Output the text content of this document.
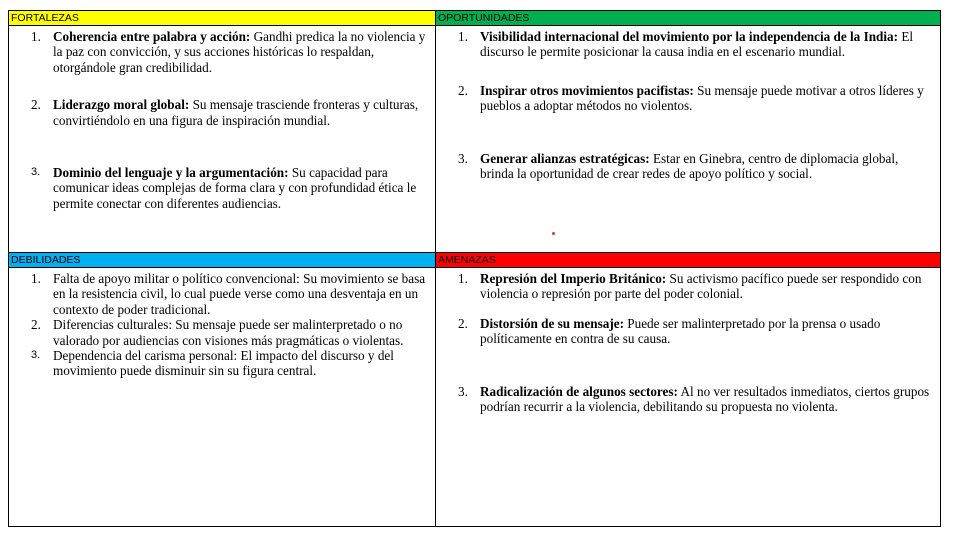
FORTALEZAS	OPORTUNIDADES
DEBILIDADES	AMENAZAS
1. Coherencia entre palabra y acción: Gandhi predica la no violencia y la paz con convicción, y sus acciones históricas lo respaldan, otorgándole gran credibilidad.
2. Liderazgo moral global: Su mensaje trasciende fronteras y culturas, convirtiéndolo en una figura de inspiración mundial.
3. Dominio del lenguaje y la argumentación: Su capacidad para comunicar ideas complejas de forma clara y con profundidad ética le permite conectar con diferentes audiencias.
1. Visibilidad internacional del movimiento por la independencia de la India: El discurso le permite posicionar la causa india en el escenario mundial.
2. Inspirar otros movimientos pacifistas: Su mensaje puede motivar a otros líderes y pueblos a adoptar métodos no violentos.
3. Generar alianzas estratégicas: Estar en Ginebra, centro de diplomacia global, brinda la oportunidad de crear redes de apoyo político y social.
1. Falta de apoyo militar o político convencional: Su movimiento se basa en la resistencia civil, lo cual puede verse como una desventaja en un contexto de poder tradicional.
2. Diferencias culturales: Su mensaje puede ser malinterpretado o no valorado por audiencias con visiones más pragmáticas o violentas.
3. Dependencia del carisma personal: El impacto del discurso y del movimiento puede disminuir sin su figura central.
1. Represión del Imperio Británico: Su activismo pacífico puede ser respondido con violencia o represión por parte del poder colonial.
2. Distorsión de su mensaje: Puede ser malinterpretado por la prensa o usado políticamente en contra de su causa.
3. Radicalización de algunos sectores: Al no ver resultados inmediatos, ciertos grupos podrían recurrir a la violencia, debilitando su propuesta no violenta.
